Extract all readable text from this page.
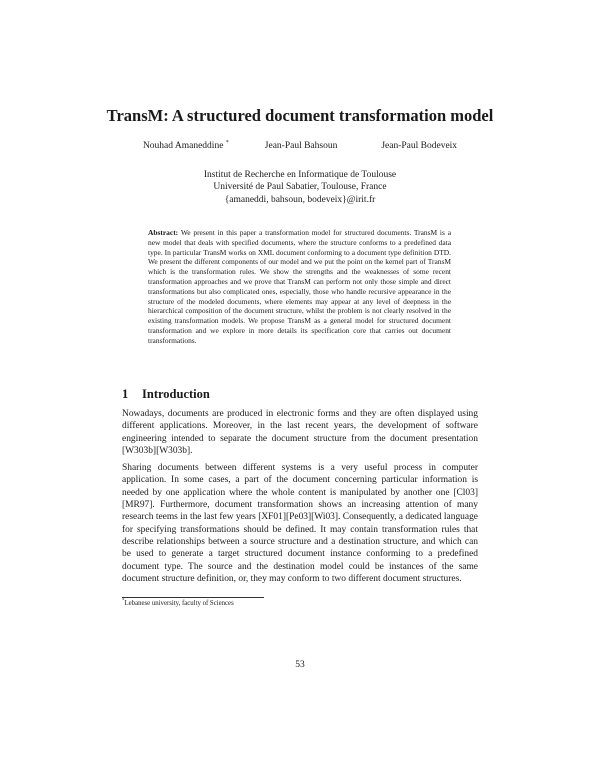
TransM: A structured document transformation model
Nouhad Amaneddine *	Jean-Paul Bahsoun	Jean-Paul Bodeveix
Institut de Recherche en Informatique de Toulouse
Université de Paul Sabatier, Toulouse, France
{amaneddi, bahsoun, bodeveix}@irit.fr
Abstract: We present in this paper a transformation model for structured documents. TransM is a new model that deals with specified documents, where the structure conforms to a predefined data type. In particular TransM works on XML document conforming to a document type definition DTD. We present the different components of our model and we put the point on the kernel part of TransM which is the transformation rules. We show the strengths and the weaknesses of some recent transformation approaches and we prove that TransM can perform not only those simple and direct transformations but also complicated ones, especially, those who handle recursive appearance in the structure of the modeled documents, where elements may appear at any level of deepness in the hierarchical composition of the document structure, whilst the problem is not clearly resolved in the existing transformation models. We propose TransM as a general model for structured document transformation and we explore in more details its specification core that carries out document transformations.
1 Introduction
Nowadays, documents are produced in electronic forms and they are often displayed using different applications. Moreover, in the last recent years, the development of software engineering intended to separate the document structure from the document presentation [W303b][W303b].
Sharing documents between different systems is a very useful process in computer application. In some cases, a part of the document concerning particular information is needed by one application where the whole content is manipulated by another one [Cl03][MR97]. Furthermore, document transformation shows an increasing attention of many research teems in the last few years [XF01][Pe03][Wi03]. Consequently, a dedicated language for specifying transformations should be defined. It may contain transformation rules that describe relationships between a source structure and a destination structure, and which can be used to generate a target structured document instance conforming to a predefined document type. The source and the destination model could be instances of the same document structure definition, or, they may conform to two different document structures.
*Lebanese university, faculty of Sciences
53
